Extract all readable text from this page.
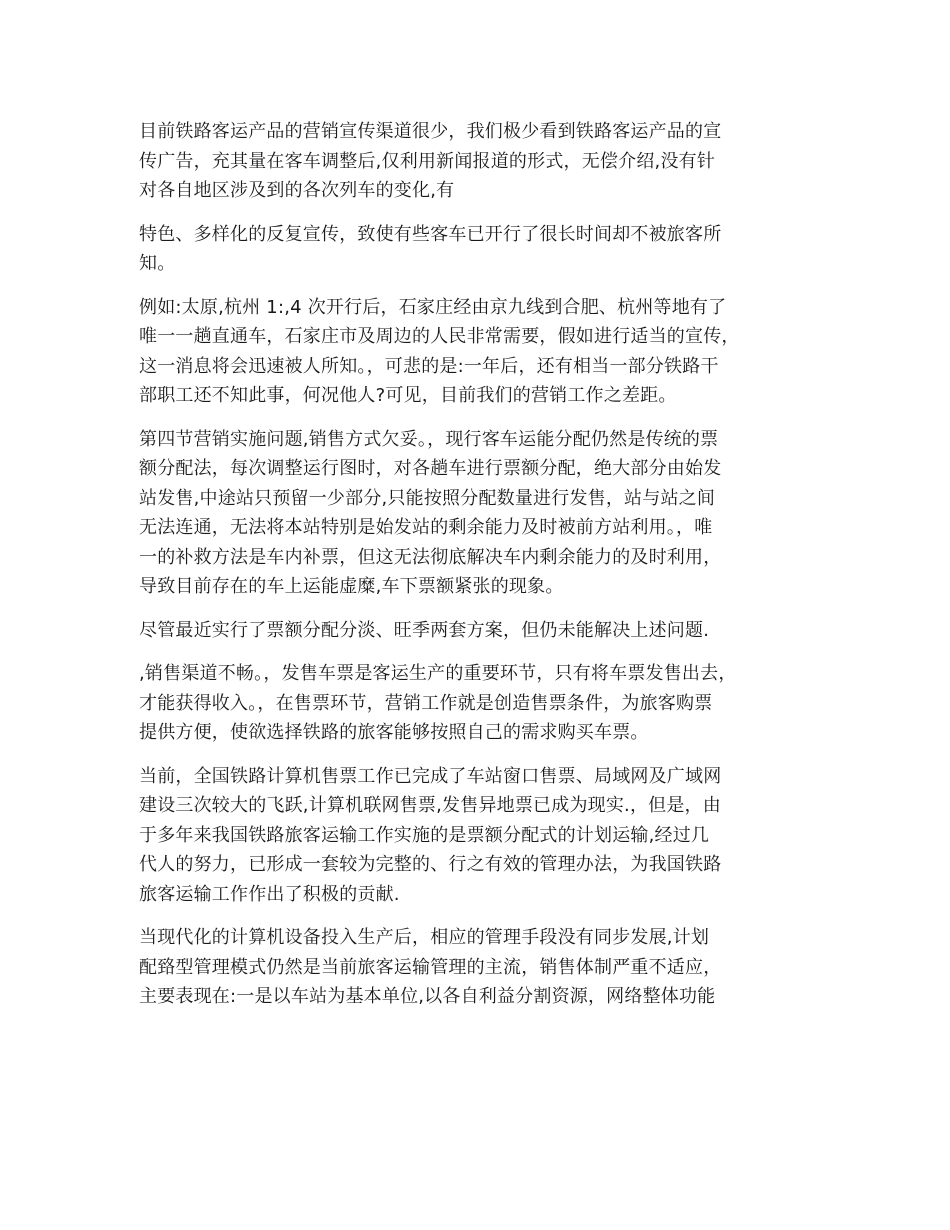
目前铁路客运产品的营销宣传渠道很少，我们极少看到铁路客运产品的宣
传广告，充其量在客车调整后,仅利用新闻报道的形式，无偿介绍,没有针
对各自地区涉及到的各次列车的变化,有

特色、多样化的反复宣传，致使有些客车已开行了很长时间却不被旅客所
知。

例如:太原,杭州 1:,4 次开行后，石家庄经由京九线到合肥、杭州等地有了
唯一一趟直通车，石家庄市及周边的人民非常需要，假如进行适当的宣传，
这一消息将会迅速被人所知。，可悲的是:一年后，还有相当一部分铁路干
部职工还不知此事，何况他人?可见，目前我们的营销工作之差距。

第四节营销实施问题,销售方式欠妥。，现行客车运能分配仍然是传统的票
额分配法，每次调整运行图时，对各趟车进行票额分配，绝大部分由始发
站发售,中途站只预留一少部分,只能按照分配数量进行发售，站与站之间
无法连通，无法将本站特别是始发站的剩余能力及时被前方站利用。，唯
一的补救方法是车内补票，但这无法彻底解决车内剩余能力的及时利用，
导致目前存在的车上运能虚糜,车下票额紧张的现象。

尽管最近实行了票额分配分淡、旺季两套方案，但仍未能解决上述问题.

,销售渠道不畅。，发售车票是客运生产的重要环节，只有将车票发售出去，
才能获得收入。，在售票环节，营销工作就是创造售票条件，为旅客购票
提供方便，使欲选择铁路的旅客能够按照自己的需求购买车票。

当前，全国铁路计算机售票工作已完成了车站窗口售票、局域网及广域网
建设三次较大的飞跃,计算机联网售票,发售异地票已成为现实.，但是，由
于多年来我国铁路旅客运输工作实施的是票额分配式的计划运输,经过几
代人的努力，已形成一套较为完整的、行之有效的管理办法，为我国铁路
旅客运输工作作出了积极的贡献.

当现代化的计算机设备投入生产后，相应的管理手段没有同步发展,计划
配臵型管理模式仍然是当前旅客运输管理的主流，销售体制严重不适应，
主要表现在:一是以车站为基本单位,以各自利益分割资源，网络整体功能
